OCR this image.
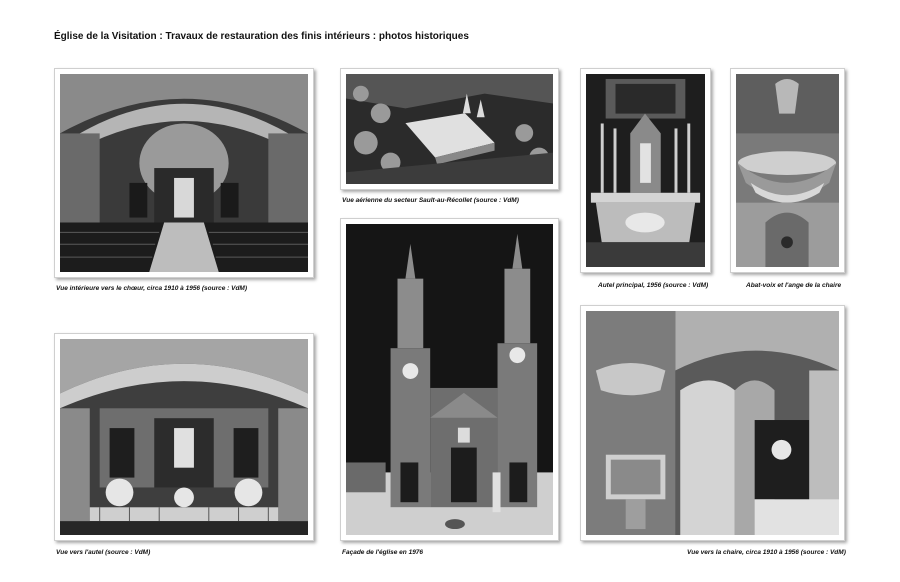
Église de la Visitation : Travaux de restauration des finis intérieurs : photos historiques
Vue intérieure vers le chœur, circa 1910 à 1956 (source : VdM)
Vue aérienne du secteur Sault-au-Récollet (source : VdM)
Autel principal, 1956 (source : VdM)	Abat-voix et l'ange de la chaire
Vue vers l'autel (source : VdM)	Façade de l'église en 1976	Vue vers la chaire, circa 1910 à 1956 (source : VdM)
